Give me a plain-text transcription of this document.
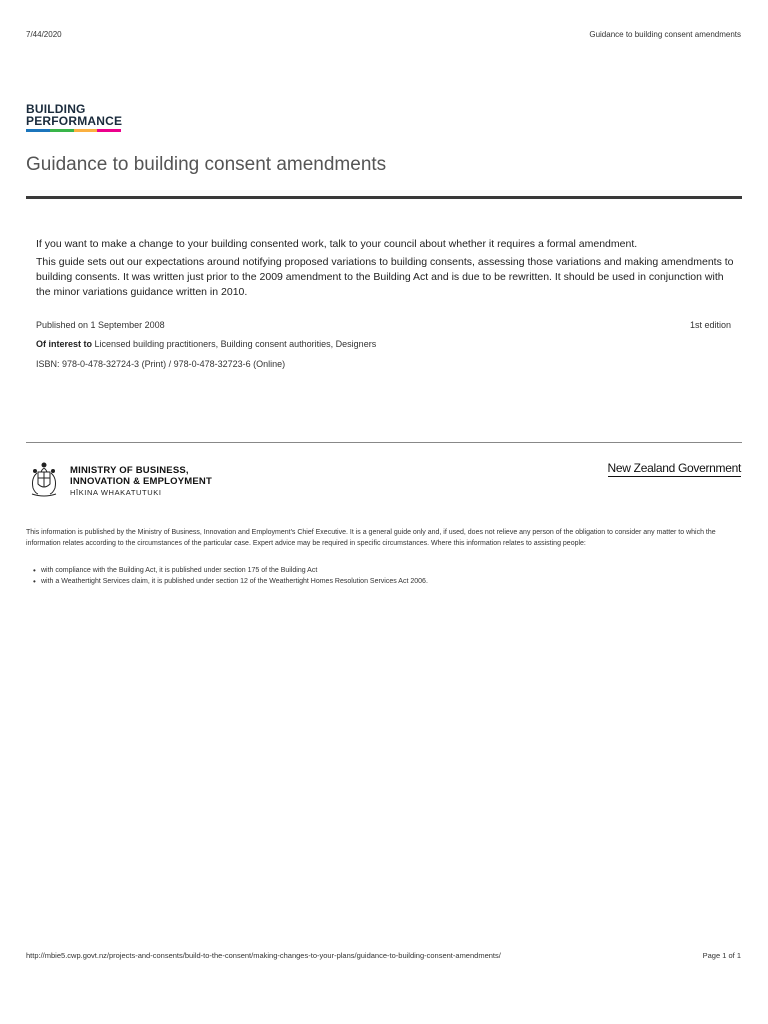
7/44/2020	Guidance to building consent amendments
BUILDING
PERFORMANCE
Guidance to building consent amendments
If you want to make a change to your building consented work, talk to your council about whether it requires a formal amendment.
This guide sets out our expectations around notifying proposed variations to building consents, assessing those variations and making amendments to building consents. It was written just prior to the 2009 amendment to the Building Act and is due to be rewritten. It should be used in conjunction with the minor variations guidance written in 2010.
Published on 1 September 2008	1st edition
Of interest to Licensed building practitioners, Building consent authorities, Designers
ISBN: 978-0-478-32724-3 (Print) / 978-0-478-32723-6 (Online)
MINISTRY OF BUSINESS,
INNOVATION & EMPLOYMENT
HĪKINA WHAKATUTUKI
New Zealand Government
This information is published by the Ministry of Business, Innovation and Employment's Chief Executive. It is a general guide only and, if used, does not relieve any person of the obligation to consider any matter to which the information relates according to the circumstances of the particular case. Expert advice may be required in specific circumstances. Where this information relates to assisting people:
• with compliance with the Building Act, it is published under section 175 of the Building Act
• with a Weathertight Services claim, it is published under section 12 of the Weathertight Homes Resolution Services Act 2006.
http://mbie5.cwp.govt.nz/projects-and-consents/build-to-the-consent/making-changes-to-your-plans/guidance-to-building-consent-amendments/	Page 1 of 1
